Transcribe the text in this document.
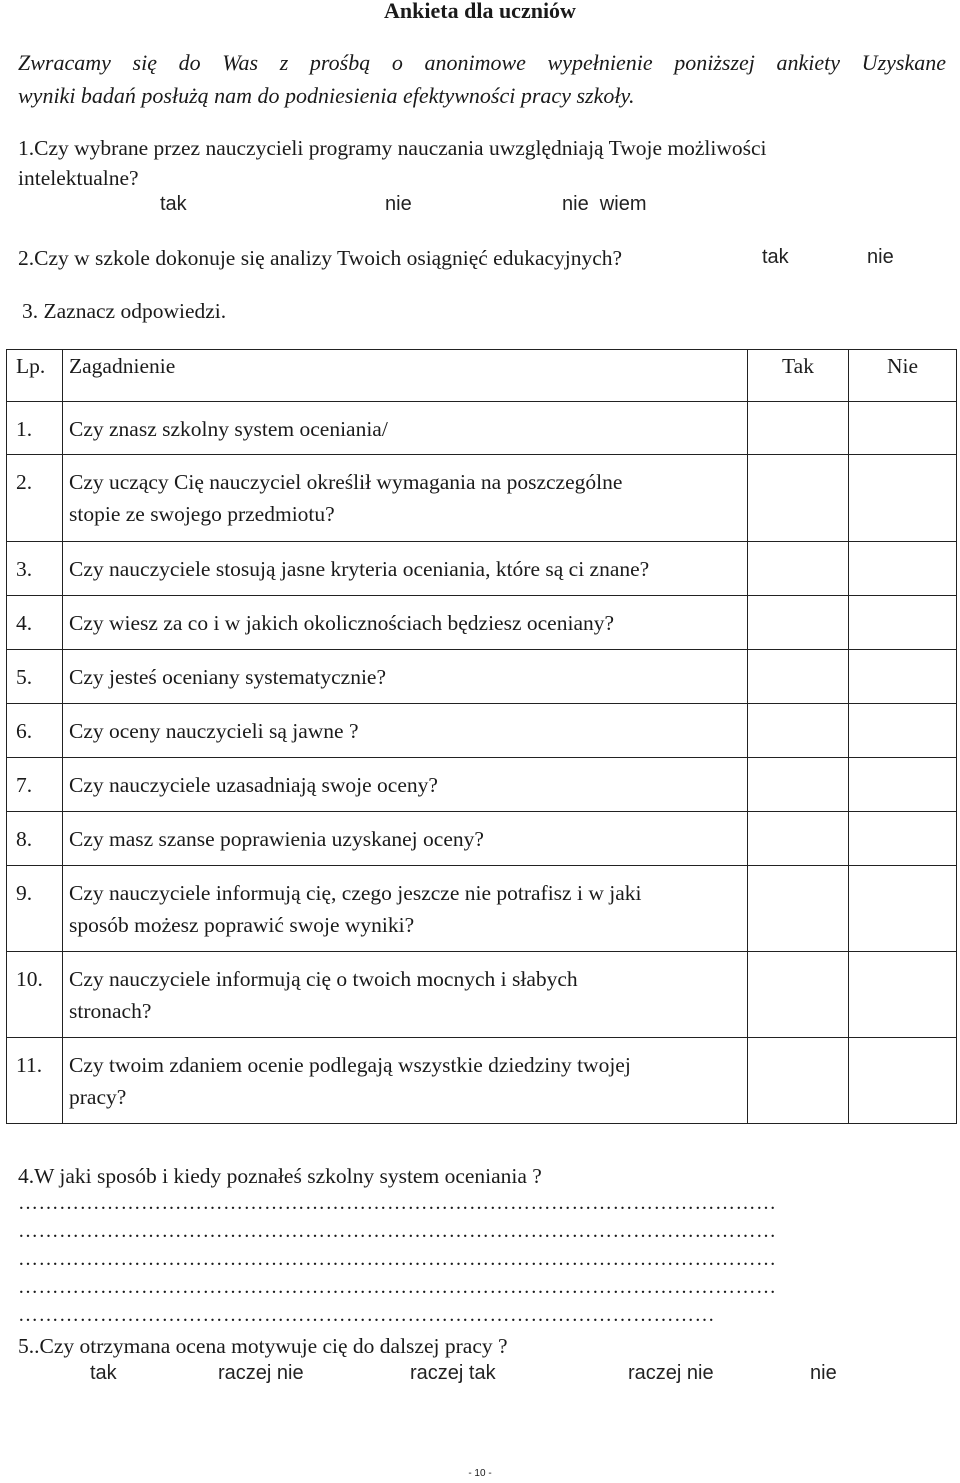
Ankieta dla uczniów
Zwracamy się do Was z prośbą o anonimowe wypełnienie poniższej ankiety Uzyskane
wyniki badań posłużą nam do podniesienia efektywności pracy szkoły.
1.Czy wybrane przez nauczycieli programy nauczania uwzględniają Twoje możliwości
intelektualne?
tak	nie	nie  wiem
2.Czy w szkole dokonuje się analizy Twoich osiągnięć edukacyjnych?	tak	nie
3. Zaznacz odpowiedzi.
Lp.	Zagadnienie	Tak	Nie
1.	Czy znasz szkolny system oceniania/		

2.	Czy uczący Cię nauczyciel określił wymagania na poszczególne
stopie ze swojego przedmiotu?		

3.	Czy nauczyciele stosują jasne kryteria oceniania, które są ci znane?		

4.	Czy wiesz za co i w jakich okolicznościach będziesz oceniany?		

5.	Czy jesteś oceniany systematycznie?		

6.	Czy oceny nauczycieli są jawne ?		

7.	Czy nauczyciele uzasadniają swoje oceny?		

8.	Czy masz szanse poprawienia uzyskanej oceny?		

9.	Czy nauczyciele informują cię, czego jeszcze nie potrafisz i w jaki
sposób możesz poprawić swoje wyniki?		

10.	Czy nauczyciele informują cię o twoich mocnych i słabych
stronach?		

11.	Czy twoim zdaniem ocenie podlegają wszystkie dziedziny twojej
pracy?		

4.W jaki sposób i kiedy poznałeś szkolny system oceniania ?
…………………………………………………………………………………………………
…………………………………………………………………………………………………
…………………………………………………………………………………………………
…………………………………………………………………………………………………
…………………………………………………………………………………………
5..Czy otrzymana ocena motywuje cię do dalszej pracy ?
tak	raczej nie	raczej tak	raczej nie	nie
- 10 -
